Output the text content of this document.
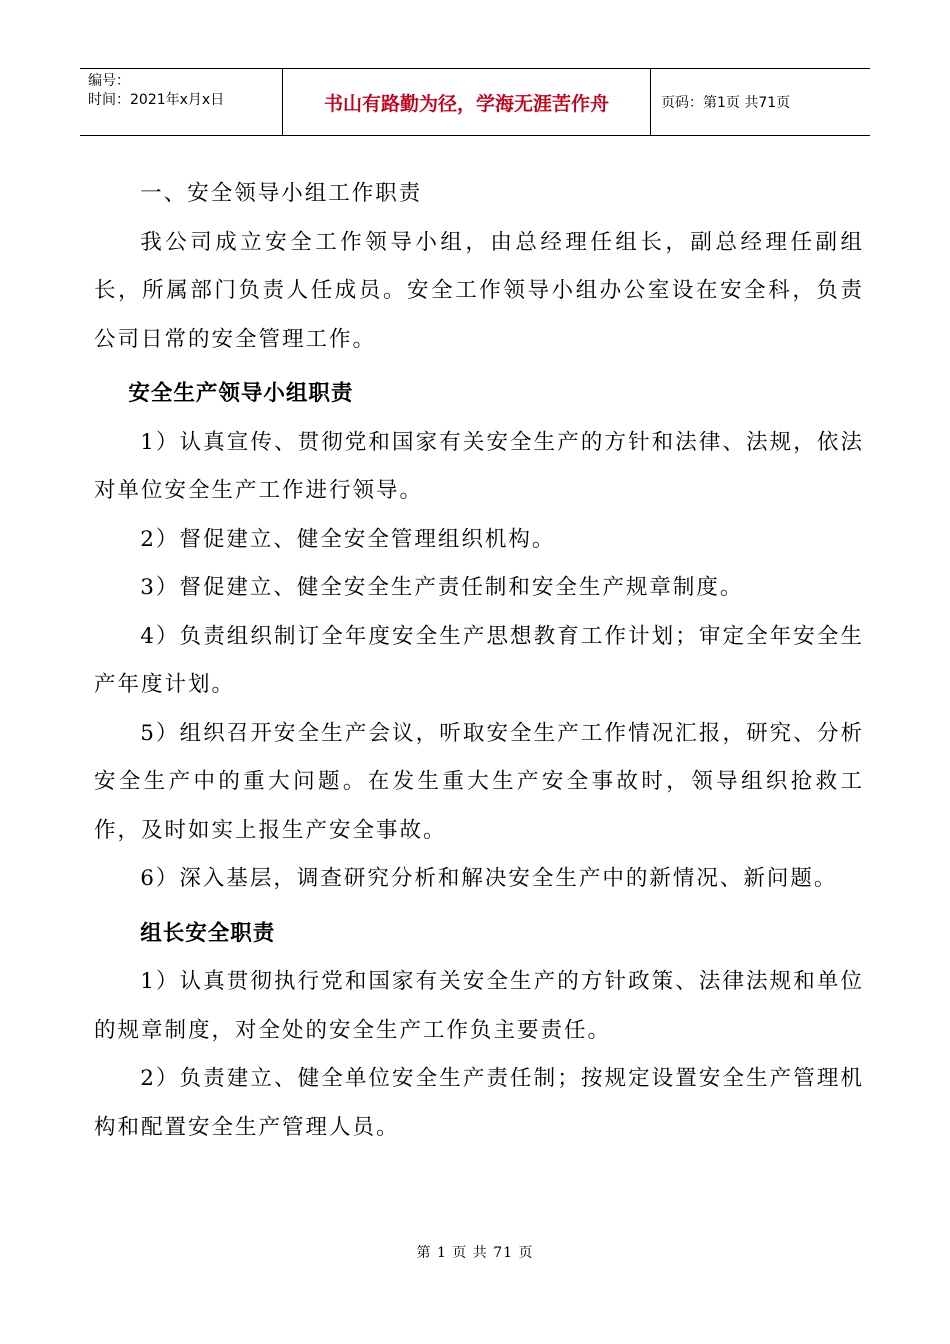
编号：
时间：2021年x月x日	书山有路勤为径，学海无涯苦作舟	页码：第1页 共71页

一、安全领导小组工作职责

我公司成立安全工作领导小组，由总经理任组长，副总经理任副组长，所属部门负责人任成员。安全工作领导小组办公室设在安全科，负责公司日常的安全管理工作。

安全生产领导小组职责

1）认真宣传、贯彻党和国家有关安全生产的方针和法律、法规，依法对单位安全生产工作进行领导。

2）督促建立、健全安全管理组织机构。

3）督促建立、健全安全生产责任制和安全生产规章制度。

4）负责组织制订全年度安全生产思想教育工作计划；审定全年安全生产年度计划。

5）组织召开安全生产会议，听取安全生产工作情况汇报，研究、分析安全生产中的重大问题。在发生重大生产安全事故时，领导组织抢救工作，及时如实上报生产安全事故。

6）深入基层，调查研究分析和解决安全生产中的新情况、新问题。

组长安全职责

1）认真贯彻执行党和国家有关安全生产的方针政策、法律法规和单位的规章制度，对全处的安全生产工作负主要责任。

2）负责建立、健全单位安全生产责任制；按规定设置安全生产管理机构和配置安全生产管理人员。

第 1 页 共 71 页
